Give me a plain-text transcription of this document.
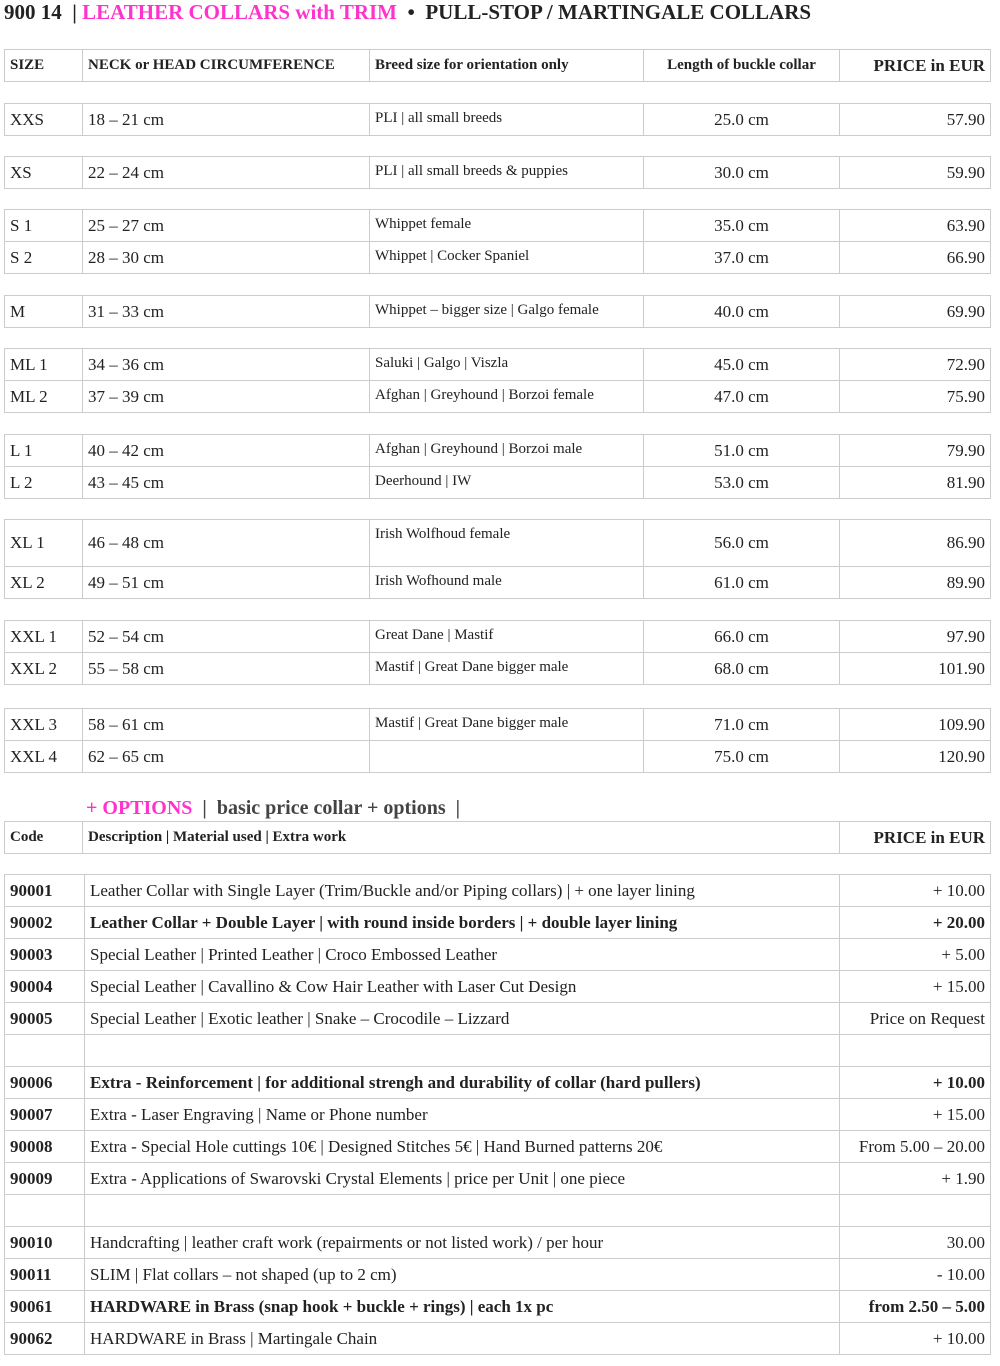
900 14 | LEATHER COLLARS with TRIM • PULL-STOP / MARTINGALE COLLARS
SIZE	NECK or HEAD CIRCUMFERENCE	Breed size for orientation only	Length of buckle collar	PRICE in EUR
XXS	18 – 21 cm	PLI | all small breeds	25.0 cm	57.90
XS	22 – 24 cm	PLI | all small breeds & puppies	30.0 cm	59.90
S 1	25 – 27 cm	Whippet female	35.0 cm	63.90
S 2	28 – 30 cm	Whippet | Cocker Spaniel	37.0 cm	66.90
M	31 – 33 cm	Whippet – bigger size | Galgo female	40.0 cm	69.90
ML 1	34 – 36 cm	Saluki | Galgo | Viszla	45.0 cm	72.90
ML 2	37 – 39 cm	Afghan | Greyhound | Borzoi female	47.0 cm	75.90
L 1	40 – 42 cm	Afghan | Greyhound | Borzoi male	51.0 cm	79.90
L 2	43 – 45 cm	Deerhound | IW	53.0 cm	81.90
XL 1	46 – 48 cm	Irish Wolfhoud female	56.0 cm	86.90
XL 2	49 – 51 cm	Irish Wofhound male	61.0 cm	89.90
XXL 1	52 – 54 cm	Great Dane | Mastif	66.0 cm	97.90
XXL 2	55 – 58 cm	Mastif | Great Dane bigger male	68.0 cm	101.90
XXL 3	58 – 61 cm	Mastif | Great Dane bigger male	71.0 cm	109.90
XXL 4	62 – 65 cm		75.0 cm	120.90
+ OPTIONS | basic price collar + options |
Code	Description | Material used | Extra work	PRICE in EUR
90001	Leather Collar with Single Layer (Trim/Buckle and/or Piping collars) | + one layer lining	+ 10.00
90002	Leather Collar + Double Layer | with round inside borders | + double layer lining	+ 20.00
90003	Special Leather | Printed Leather | Croco Embossed Leather	+ 5.00
90004	Special Leather | Cavallino & Cow Hair Leather with Laser Cut Design	+ 15.00
90005	Special Leather | Exotic leather | Snake – Crocodile – Lizzard	Price on Request

90006	Extra - Reinforcement | for additional strengh and durability of collar (hard pullers)	+ 10.00
90007	Extra - Laser Engraving | Name or Phone number	+ 15.00
90008	Extra - Special Hole cuttings 10€ | Designed Stitches 5€ | Hand Burned patterns 20€	From 5.00 – 20.00
90009	Extra - Applications of Swarovski Crystal Elements | price per Unit | one piece	+ 1.90

90010	Handcrafting | leather craft work (repairments or not listed work) / per hour	30.00
90011	SLIM | Flat collars – not shaped (up to 2 cm)	- 10.00
90061	HARDWARE in Brass (snap hook + buckle + rings) | each 1x pc	from 2.50 – 5.00
90062	HARDWARE in Brass | Martingale Chain	+ 10.00
